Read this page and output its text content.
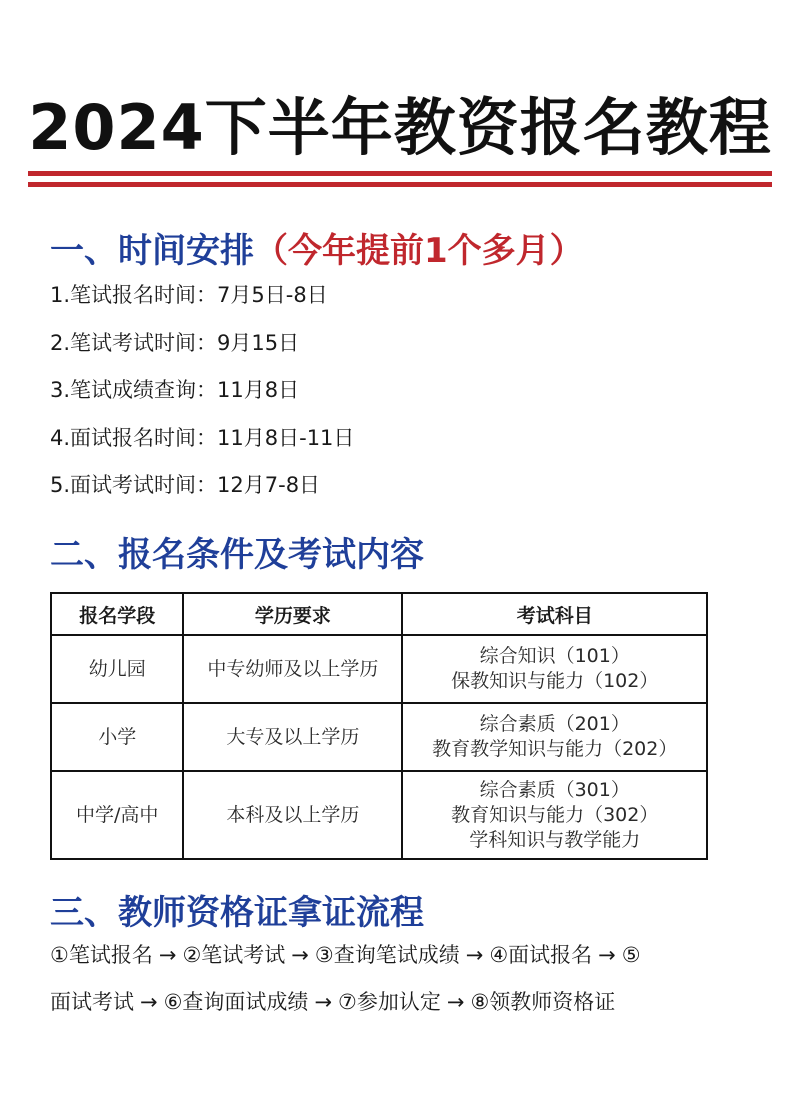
2024下半年教资报名教程
一、时间安排（今年提前1个多月）
1.笔试报名时间：7月5日-8日
2.笔试考试时间：9月15日
3.笔试成绩查询：11月8日
4.面试报名时间：11月8日-11日
5.面试考试时间：12月7-8日
二、报名条件及考试内容
报名学段	学历要求	考试科目
幼儿园	中专幼师及以上学历	综合知识（101）
保教知识与能力（102）

小学	大专及以上学历	综合素质（201）
教育教学知识与能力（202）

中学/高中	本科及以上学历	综合素质（301）
教育知识与能力（302）
学科知识与教学能力
三、教师资格证拿证流程
①笔试报名 → ②笔试考试 → ③查询笔试成绩 → ④面试报名 → ⑤
面试考试 → ⑥查询面试成绩 → ⑦参加认定 → ⑧领教师资格证
